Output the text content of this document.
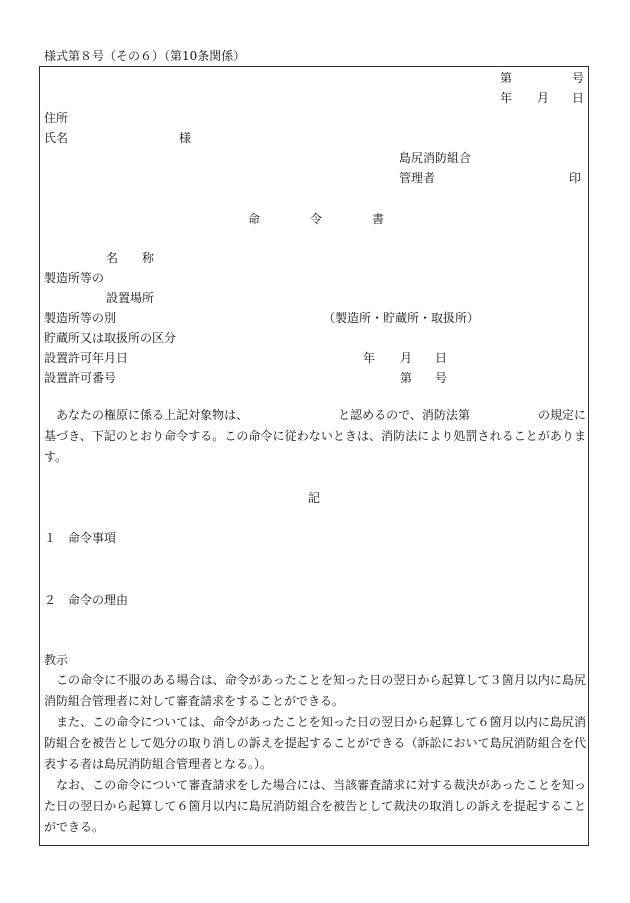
様式第８号（その６）（第10条関係）
第	号
年 月 日
住所
氏名	様
島尻消防組合
管理者	印
命	令	書
名 称
製造所等の
設置場所
製造所等の別	（製造所・貯蔵所・取扱所）
貯蔵所又は取扱所の区分
設置許可年月日	年 月 日
設置許可番号	第 号
あなたの権原に係る上記対象物は、	と認めるので、消防法第	の規定に基づき、下記のとおり命令する。この命令に従わないときは、消防法により処罰されることがあります。
記
１ 命令事項
２ 命令の理由
教示
この命令に不服のある場合は、命令があったことを知った日の翌日から起算して３箇月以内に島尻消防組合管理者に対して審査請求をすることができる。
また、この命令については、命令があったことを知った日の翌日から起算して６箇月以内に島尻消防組合を被告として処分の取り消しの訴えを提起することができる（訴訟において島尻消防組合を代表する者は島尻消防組合管理者となる。）。
なお、この命令について審査請求をした場合には、当該審査請求に対する裁決があったことを知った日の翌日から起算して６箇月以内に島尻消防組合を被告として裁決の取消しの訴えを提起することができる。
